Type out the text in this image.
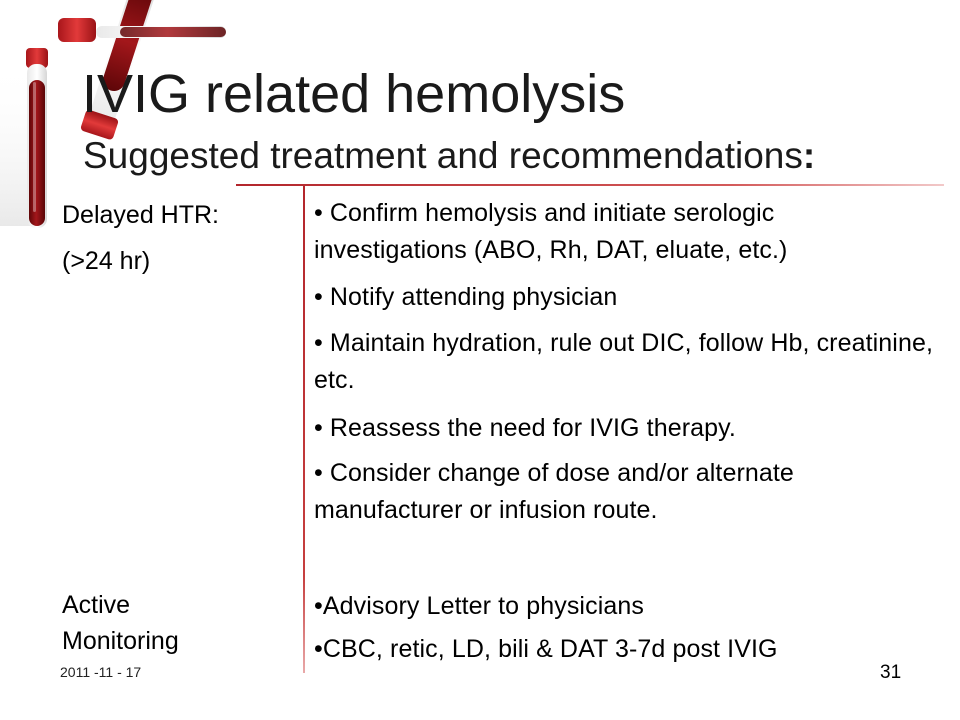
IVIG related hemolysis
Suggested treatment and recommendations:
Delayed HTR:
(>24 hr)
• Confirm hemolysis and initiate serologic investigations (ABO, Rh, DAT, eluate, etc.)
• Notify attending physician
• Maintain hydration, rule out DIC, follow Hb, creatinine, etc.
• Reassess the need for IVIG therapy.
• Consider change of dose and/or alternate manufacturer or infusion route.
Active
Monitoring
•Advisory Letter to physicians
•CBC, retic, LD, bili & DAT 3-7d post IVIG
2011 -11 - 17	31
